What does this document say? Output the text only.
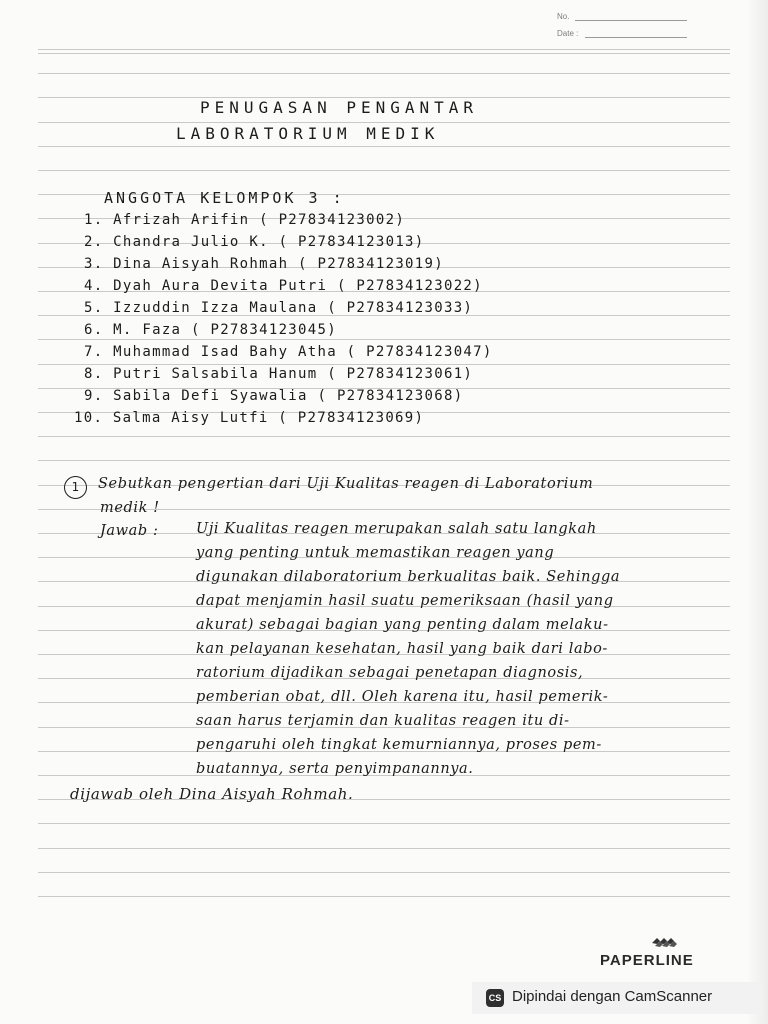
No.
Date :
PENUGASAN PENGANTAR
LABORATORIUM MEDIK
ANGGOTA KELOMPOK 3 :
1. Afrizah Arifin ( P27834123002)
2. Chandra Julio K. ( P27834123013)
3. Dina Aisyah Rohmah ( P27834123019)
4. Dyah Aura Devita Putri ( P27834123022)
5. Izzuddin Izza Maulana ( P27834123033)
6. M. Faza ( P27834123045)
7. Muhammad Isad Bahy Atha ( P27834123047)
8. Putri Salsabila Hanum ( P27834123061)
9. Sabila Defi Syawalia ( P27834123068)
10. Salma Aisy Lutfi ( P27834123069)
1	Sebutkan pengertian dari Uji Kualitas reagen di Laboratorium
medik !
Jawab :	Uji Kualitas reagen merupakan salah satu langkah
yang penting untuk memastikan reagen yang
digunakan dilaboratorium berkualitas baik. Sehingga
dapat menjamin hasil suatu pemeriksaan (hasil yang
akurat) sebagai bagian yang penting dalam melaku-
kan pelayanan kesehatan, hasil yang baik dari labo-
ratorium dijadikan sebagai penetapan diagnosis,
pemberian obat, dll. Oleh karena itu, hasil pemerik-
saan harus terjamin dan kualitas reagen itu di-
pengaruhi oleh tingkat kemurniannya, proses pem-
buatannya, serta penyimpanannya.
dijawab oleh Dina Aisyah Rohmah.
PAPERLINE
CS Dipindai dengan CamScanner
